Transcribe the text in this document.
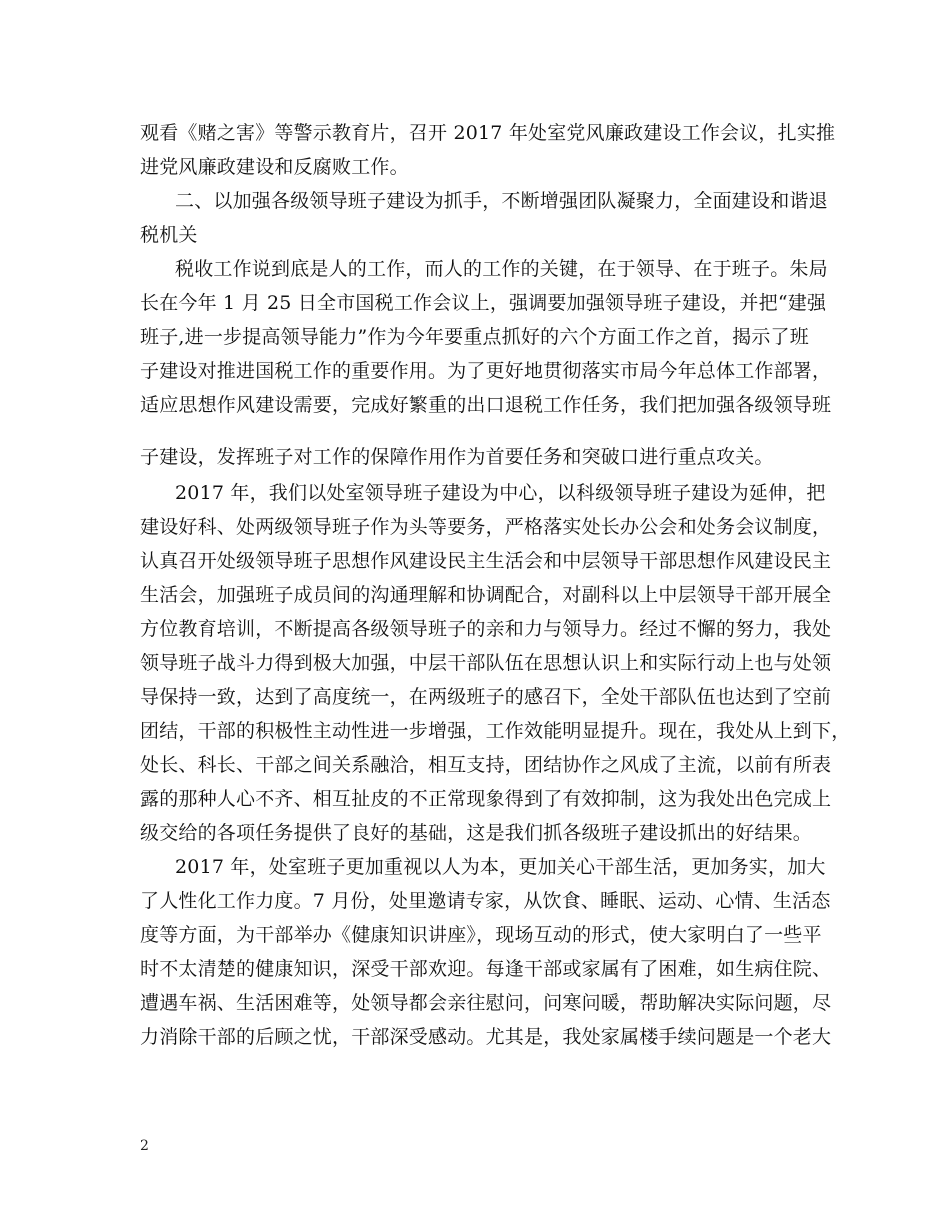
观看《赌之害》等警示教育片，召开 2017 年处室党风廉政建设工作会议，扎实推
进党风廉政建设和反腐败工作。
二、以加强各级领导班子建设为抓手，不断增强团队凝聚力，全面建设和谐退
税机关
税收工作说到底是人的工作，而人的工作的关键，在于领导、在于班子。朱局
长在今年 1 月 25 日全市国税工作会议上，强调要加强领导班子建设，并把“建强
班子,进一步提高领导能力”作为今年要重点抓好的六个方面工作之首，揭示了班
子建设对推进国税工作的重要作用。为了更好地贯彻落实市局今年总体工作部署，
适应思想作风建设需要，完成好繁重的出口退税工作任务，我们把加强各级领导班
子建设，发挥班子对工作的保障作用作为首要任务和突破口进行重点攻关。
2017 年，我们以处室领导班子建设为中心，以科级领导班子建设为延伸，把
建设好科、处两级领导班子作为头等要务，严格落实处长办公会和处务会议制度，
认真召开处级领导班子思想作风建设民主生活会和中层领导干部思想作风建设民主
生活会，加强班子成员间的沟通理解和协调配合，对副科以上中层领导干部开展全
方位教育培训，不断提高各级领导班子的亲和力与领导力。经过不懈的努力，我处
领导班子战斗力得到极大加强，中层干部队伍在思想认识上和实际行动上也与处领
导保持一致，达到了高度统一，在两级班子的感召下，全处干部队伍也达到了空前
团结，干部的积极性主动性进一步增强，工作效能明显提升。现在，我处从上到下，
处长、科长、干部之间关系融洽，相互支持，团结协作之风成了主流，以前有所表
露的那种人心不齐、相互扯皮的不正常现象得到了有效抑制，这为我处出色完成上
级交给的各项任务提供了良好的基础，这是我们抓各级班子建设抓出的好结果。
2017 年，处室班子更加重视以人为本，更加关心干部生活，更加务实，加大
了人性化工作力度。7 月份，处里邀请专家，从饮食、睡眠、运动、心情、生活态
度等方面，为干部举办《健康知识讲座》，现场互动的形式，使大家明白了一些平
时不太清楚的健康知识，深受干部欢迎。每逢干部或家属有了困难，如生病住院、
遭遇车祸、生活困难等，处领导都会亲往慰问，问寒问暖，帮助解决实际问题，尽
力消除干部的后顾之忧，干部深受感动。尤其是，我处家属楼手续问题是一个老大
2
